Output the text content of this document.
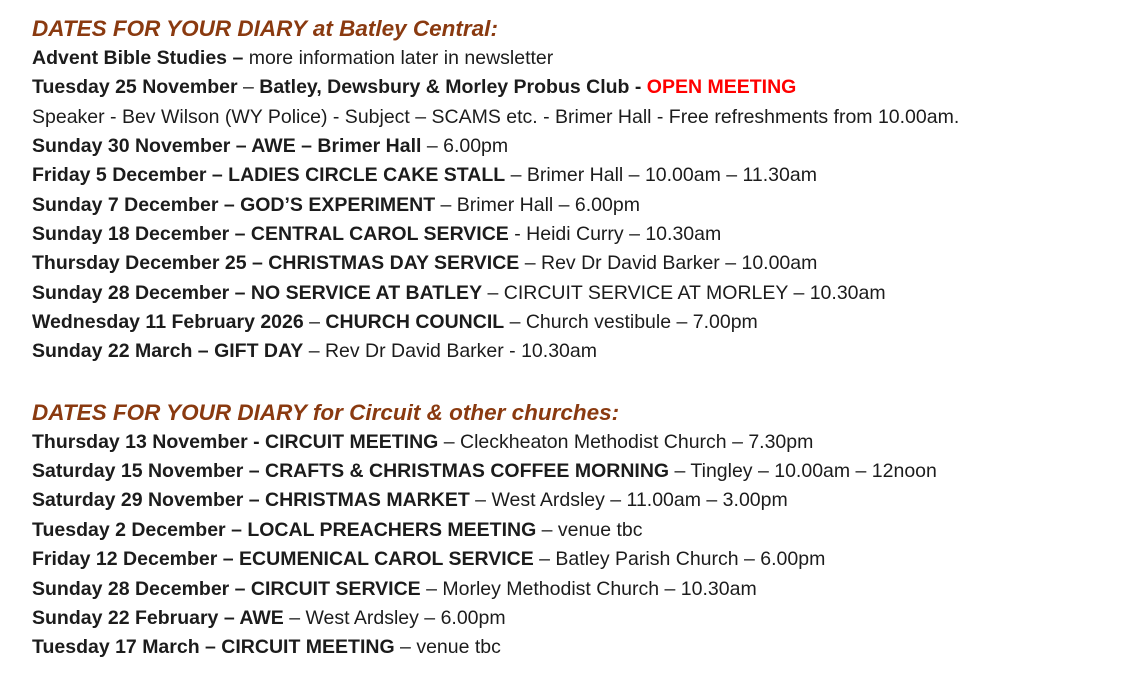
DATES FOR YOUR DIARY at Batley Central:

Advent Bible Studies – more information later in newsletter

Tuesday 25 November – Batley, Dewsbury & Morley Probus Club - OPEN MEETING

Speaker - Bev Wilson (WY Police) - Subject – SCAMS etc. - Brimer Hall - Free refreshments from 10.00am.

Sunday 30 November – AWE – Brimer Hall – 6.00pm

Friday 5 December – LADIES CIRCLE CAKE STALL – Brimer Hall – 10.00am – 11.30am

Sunday 7 December – GOD’S EXPERIMENT – Brimer Hall – 6.00pm

Sunday 18 December – CENTRAL CAROL SERVICE - Heidi Curry – 10.30am

Thursday December 25 – CHRISTMAS DAY SERVICE – Rev Dr David Barker – 10.00am

Sunday 28 December – NO SERVICE AT BATLEY – CIRCUIT SERVICE AT MORLEY – 10.30am

Wednesday 11 February 2026 – CHURCH COUNCIL – Church vestibule – 7.00pm

Sunday 22 March – GIFT DAY – Rev Dr David Barker - 10.30am

DATES FOR YOUR DIARY for Circuit & other churches:

Thursday 13 November - CIRCUIT MEETING – Cleckheaton Methodist Church – 7.30pm

Saturday 15 November – CRAFTS & CHRISTMAS COFFEE MORNING – Tingley – 10.00am – 12noon

Saturday 29 November – CHRISTMAS MARKET – West Ardsley – 11.00am – 3.00pm

Tuesday 2 December – LOCAL PREACHERS MEETING – venue tbc

Friday 12 December – ECUMENICAL CAROL SERVICE – Batley Parish Church – 6.00pm

Sunday 28 December – CIRCUIT SERVICE – Morley Methodist Church – 10.30am

Sunday 22 February – AWE – West Ardsley – 6.00pm

Tuesday 17 March – CIRCUIT MEETING – venue tbc
